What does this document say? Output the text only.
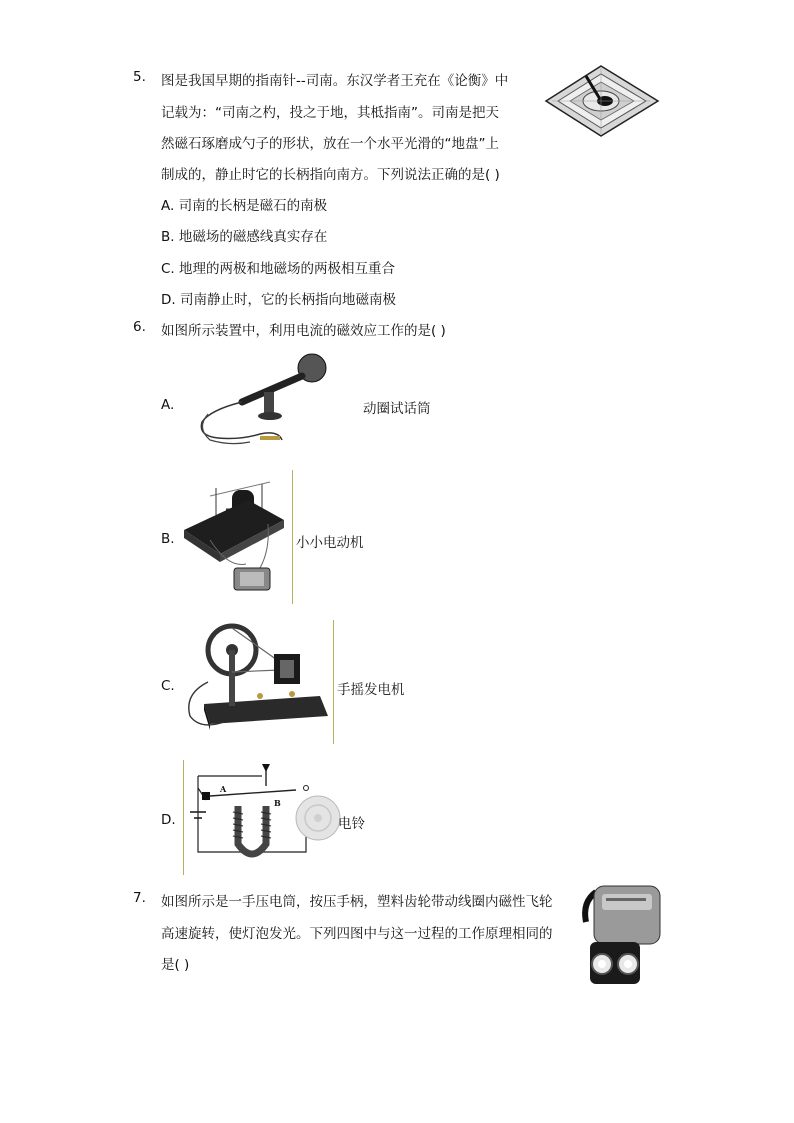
5. 图是我国早期的指南针--司南。东汉学者王充在《论衡》中
记载为：“司南之杓，投之于地，其柢指南”。司南是把天
然磁石琢磨成勺子的形状，放在一个水平光滑的“地盘”上
制成的，静止时它的长柄指向南方。下列说法正确的是( )
A. 司南的长柄是磁石的南极
B. 地磁场的磁感线真实存在
C. 地理的两极和地磁场的两极相互重合
D. 司南静止时，它的长柄指向地磁南极
6. 如图所示装置中，利用电流的磁效应工作的是( )
A.	动圈试话筒
B.	小小电动机
C.	手摇发电机
D.
A
B
电铃
7. 如图所示是一手压电筒，按压手柄，塑料齿轮带动线圈内磁性飞轮
高速旋转，使灯泡发光。下列四图中与这一过程的工作原理相同的
是( )
